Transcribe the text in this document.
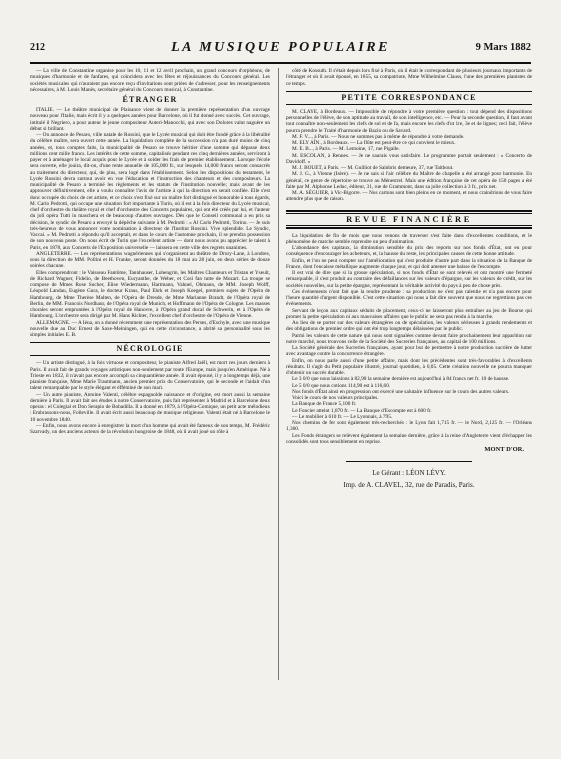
212	LA MUSIQUE POPULAIRE	9 Mars 1882

— La ville de Constantine organise pour les 10, 11 et 12 avril prochain, un grand concours d'orphéons, de musiques d'harmonie et de fanfares, qui coïncidera avec les fêtes et réjouissances du Concours général. Les sociétés musicales qui n'auraient pas encore reçu d'invitations sont priées de s'adresser, pour les renseignements nécessaires, à M. Louis Manès, secrétaire général du Concours musical, à Constantine.

ÉTRANGER

ITALIE. — Le théâtre municipal de Plaisance vient de donner la première représentation d'un ouvrage nouveau pour l'Italie, mais écrit il y a quelques années pour Barcelone, où il fut donné avec succès. Cet ouvrage, intitulé il Negriero, a pour auteur le jeune compositeur Auteri-Manocchi, qui avec son Dolores valut naguère un début si brillant.

— On annonce de Pesaro, ville natale de Rossini, que le Lycée musical qui doit être fondé grâce à la libéralité du célèbre maître, sera ouvert cette année. La liquidation complète de la succession n'a pas duré moins de cinq années, et, tous comptes faits, la municipalité de Pesaro se trouve héritier d'une somme qui dépasse deux millions cent mille francs. Les intérêts de cette somme, capitalisés pendant ces cinq dernières années, serviront à payer et à aménager le local acquis pour le Lycée et à solder les frais de premier établissement. Lorsque l'école sera ouverte, elle jouira, dit-on, d'une rente annuelle de 105,000 fr., sur lesquels 14,000 francs seront consacrés au traitement du directeur, qui, de plus, sera logé dans l'établissement. Selon les dispositions du testament, le Lycée Rossini devra surtout avoir en vue l'éducation et l'instruction des chanteurs et des compositeurs. La municipalité de Pesaro a terminé les règlements et les statuts de l'institution nouvelle; mais avant de les approuver définitivement, elle a voulu connaître l'avis de l'artiste à qui la direction en serait confiée. Elle s'est donc occupée du choix de cet artiste, et ce choix s'est fixé sur un maître fort distingué et honorable à tous égards, M. Carlo Pedrotti, qui occupe une situation fort importante à Turin, où il est à la fois directeur du Lycée musical, chef d'orchestre du théâtre royal et chef d'orchestre des Concerts populaires, qui ont été créés par lui, et l'auteur du joli opéra Tutti in maschera et de beaucoup d'autres ouvrages. Dès que le Conseil communal a eu pris sa décision, le syndic de Pesaro a envoyé la dépêche suivante à M. Pedrotti : « Al Carlo Pedrotti, Torino. — Je suis très-heureux de vous annoncer votre nomination à directeur de l'Institut Rossini. Vive splendide. Le Syndic, Vaccai. » M. Pedrotti a répondu qu'il acceptait, et dans le cours de l'automne prochain, il se prendra possession de son nouveau poste. On nous écrit de Turin que l'excellent artiste — dont nous avons pu apprécier le talent à Paris, en 1878, aux Concerts de l'Exposition universelle — laissera en cette ville des regrets unanimes.

ANGLETERRE. — Les représentations wagnériennes qui s'organisent au théâtre de Drury-Lane, à Londres, sous la direction de MM. Pollini et H. Franke, seront données du 18 mai au 28 juin, en deux séries de douze soirées chacune.

Elles comprendront : le Vaisseau Fantôme, Tannhauser, Lohengrin, les Maîtres Chanteurs et Tristan et Yseult, de Richard Wagner, Fidelio, de Beethoven, Euryanthe, de Weber, et Così fan tutte de Mozart. La troupe se compose de Mmes Rose Sucher, Elise Wiedermann, Hartmann, Vahnel, Ohmann, de MM. Joseph Wolff, Léopold Landau, Eugène Gura, le docteur Kraus, Paul Ehrk et Joseph Koegel, premiers sujets de l'Opéra de Hambourg, de Mme Therèse Malten, de l'Opéra de Dresde, de Mme Marianne Brandt, de l'Opéra royal de Berlin, de MM. Francois Nordhaur, de l'Opéra royal de Munich, et Hoffmann de l'Opéra de Cologne. Les masses chorales seront empruntées à l'Opéra royal de Hanovre, à l'Opéra grand ducal de Schwerin, et à l'Opéra de Hambourg. L'orchestre sera dirigé par M. Hans Richter, l'excellent chef d'orchestre de l'Opéra de Vienne.

ALLEMAGNE. — A Iéna, on a donné récemment une représentation des Perses, d'Eschyle, avec une musique nouvelle due au Duc Ernest de Saxe-Meiningen, qui en cette circonstance, a abrité sa personnalité sous les simples initiales E. B.

NÉCROLOGIE

— Un artiste distingué, à la fois virtuose et compositeur, le pianiste Alfred Jaëll, est mort ces jours derniers à Paris. Il avait fait de grands voyages artistiques non-seulement par toute l'Europe, mais jusqu'en Amérique. Né à Trieste en 1832, il n'avait pas encore accompli sa cinquantième année. Il avait épousé, il y a longtemps déjà, une pianiste française, Mme Marie Trautmann, ancien premier prix du Conservatoire, qui le seconde et l'aidait d'un talent remarquable par le style élégant et éfféminé de son mari.

— Un autre pianiste, Antoine Valenti, célèbre espagnolde naissance et d'origine, est mort aussi la semaine dernière à Paris. Il avait fait ses études à notre Conservatoire, puis fait représenter à Madrid et à Barcelone deux operas : el Colegial et Don Serapio de Bobadilla. Il a donné en 1879, à l'Opéra-Comique, un petit acte mélodieux : Embrassons-nous, Folleville. Il avait écrit aussi beaucoup de musique religieuse. Valenti était né à Barcelone le 10 novembre 1840.

— Enfin, nous avons encore à enregistrer la mort d'un homme qui avait été fameux de son temps, M. Frédéric Szarvady, un des anciens acteurs de la révolution hongroise de 1848, où il avait joué un rôle à

côté de Kossuth. Il s'était depuis lors fixé à Paris, où il était le correspondant de plusieurs journaux importants de l'étranger et où il avait épousé, en 1855, sa compatriote, Mme Wilhelmine Clauss, l'une des premières pianistes de ce temps.

PETITE CORRESPONDANCE

M. CLAYE, à Bordeaux. — Impossible de répondre à votre première question : tout dépend des dispositions personnelles de l'élève, de son aptitude au travail, de son intelligence, etc. — Pour la seconde question, il faut avant tout connaître non-seulement les clefs de sol et de fa, mais encore les clefs d'ut 1re, 3e et 4e lignes; ceci fait, l'élève pourra prendre le Traité d'harmonie de Bazin ou de Savard.

M. F. V..., à Paris. — Nous ne sommes pas à même de répondre à votre demande.

M. ELY AÎN., à Bordeaux. — La flûte est peut-être ce qui convient le mieux.

M. E. B..., à Paris. — M. Lemoine, 17, rue Pigalle.

M. ESCOLAN, à Rennes. — Je ne saurais vous satisfaire. Le programme portait seulement : « Concerto de Davidoff. »

M. J. BOUET, à Paris. — M. Guilliot de Sainbris demeure, 37, rue Taitbout.

M. J. G., à Vienne (Isère). — Je ne sais si l'air célèbre du Maître de chapelle a été arrangé pour harmonie. En général, ce genre de répertoire se trouve au Ménestrel. Mais une édition française de cet opéra de 150 pages a été faite par M. Alphonse Leduc, éditeur, 31, rue de Grammont, dans sa jolie collection à 3 fr., prix net.

M. A. SÉGUIER, à Vic-Bigorre. — Nos cartons sont bien pleins en ce moment, et nous craindrions de vous faire attendre plus que de raison.

REVUE FINANCIÈRE

La liquidation de fin de mois que nous venons de traverser s'est faite dans d'excellentes conditions, et le phénomène de marche semble reprendre un peu d'animation.

L'abondance des capitaux, la diminution sensible du prix des reports sur nos fonds d'État, ont eu pour conséquence d'encourager les acheteurs, et, la hausse du reste, les principales causes de cette bonne attitude.

Enfin, et l'on ne peut compter sur l'amélioration qui s'est produite d'autre part dans la situation de la Banque de France, dont l'encaisse métallique augmente chaque jour, et qui doit amener une baisse de l'escompte.

Il est vrai de dire que si la grosse spéculation, si nos fonds d'État se sont relevés et ont montré une fermeté remarquable, il s'est produit au contraire des défaillances sur les valeurs d'épargne, sur les valeurs de crédit, sur les sociétés nouvelles, sur la petite épargne, représentant la véritable activité du pays à peu de chose près.

Ces événements n'ont fait que la rendre prudente : sa production ne s'est pas ralentie et n'a pas encore pour l'heure quantité d'argent disponible. C'est cette situation qui nous a fait dire souvent que nous ne regrettions pas ces événements.

Servant de leçon aux capitaux séduits de placement, ceux-ci ne laisseront plus entraîner au jeu de Bourse qui promet la petite spéculation ni aux mauvaises affaires que le public ne sera pas rendu à la marche.

Au lieu de se porter sur des valeurs étrangères ou de spéculation, les valeurs sérieuses à grands rendements et des obligations de premier ordre qui ont été trop longtemps délaissées par le public.

Parmi les valeurs de cette nature qui nous sont signalées comme devant faire prochainement leur apparition sur notre marché, nous trouvons celle de la Société des Sucreries françaises, au capital de 100 millions.

La Société générale des Sucreries françaises, ayant pour but de permettre à notre production sucrière de lutter avec avantage contre la concurrence étrangère.

Enfin, on nous parle aussi d'une petite affaire, mais dont les précédentes sont très-favorables à d'excellents résultats. Il s'agit du Petit populaire illustré, journal quotidien, à 0,05. Cette création nouvelle ne pourra manquer d'obtenir un succès durable.

Le 3 0/0 que nous laissions à 82,90 la semaine dernière est aujourd'hui à 84 francs net fr. 10 de hausse.

Le 5 0/0 que nous cotions 114,90 est à 116,60.

Nos fonds d'État ainsi en progression ont exercé une salutaire influence sur le cours des autres valeurs.

Voici le cours de nos valeurs principales.

La Banque de France 5,100 fr.

Le Foncier atteint 1,870 fr. — La Banque d'Escompte est à 600 fr.

— Le mobilier à 610 fr. — Le Lyonnais, à 795.

Nos chemins de fer sont également très-recherchés : le Lyon fait 1,715 fr. — le Nord, 2,125 fr. — l'Orléans 1,360.

Les Fonds étrangers se relèvent également la semaine dernière, grâce à la reine d'Angleterre vient d'échapper les consolidés sont tous sensiblement en reprise.

MONT D'OR.
Le Gérant : LÉON LÉVY.
Imp. de A. CLAVEL, 32, rue de Paradis, Paris.
